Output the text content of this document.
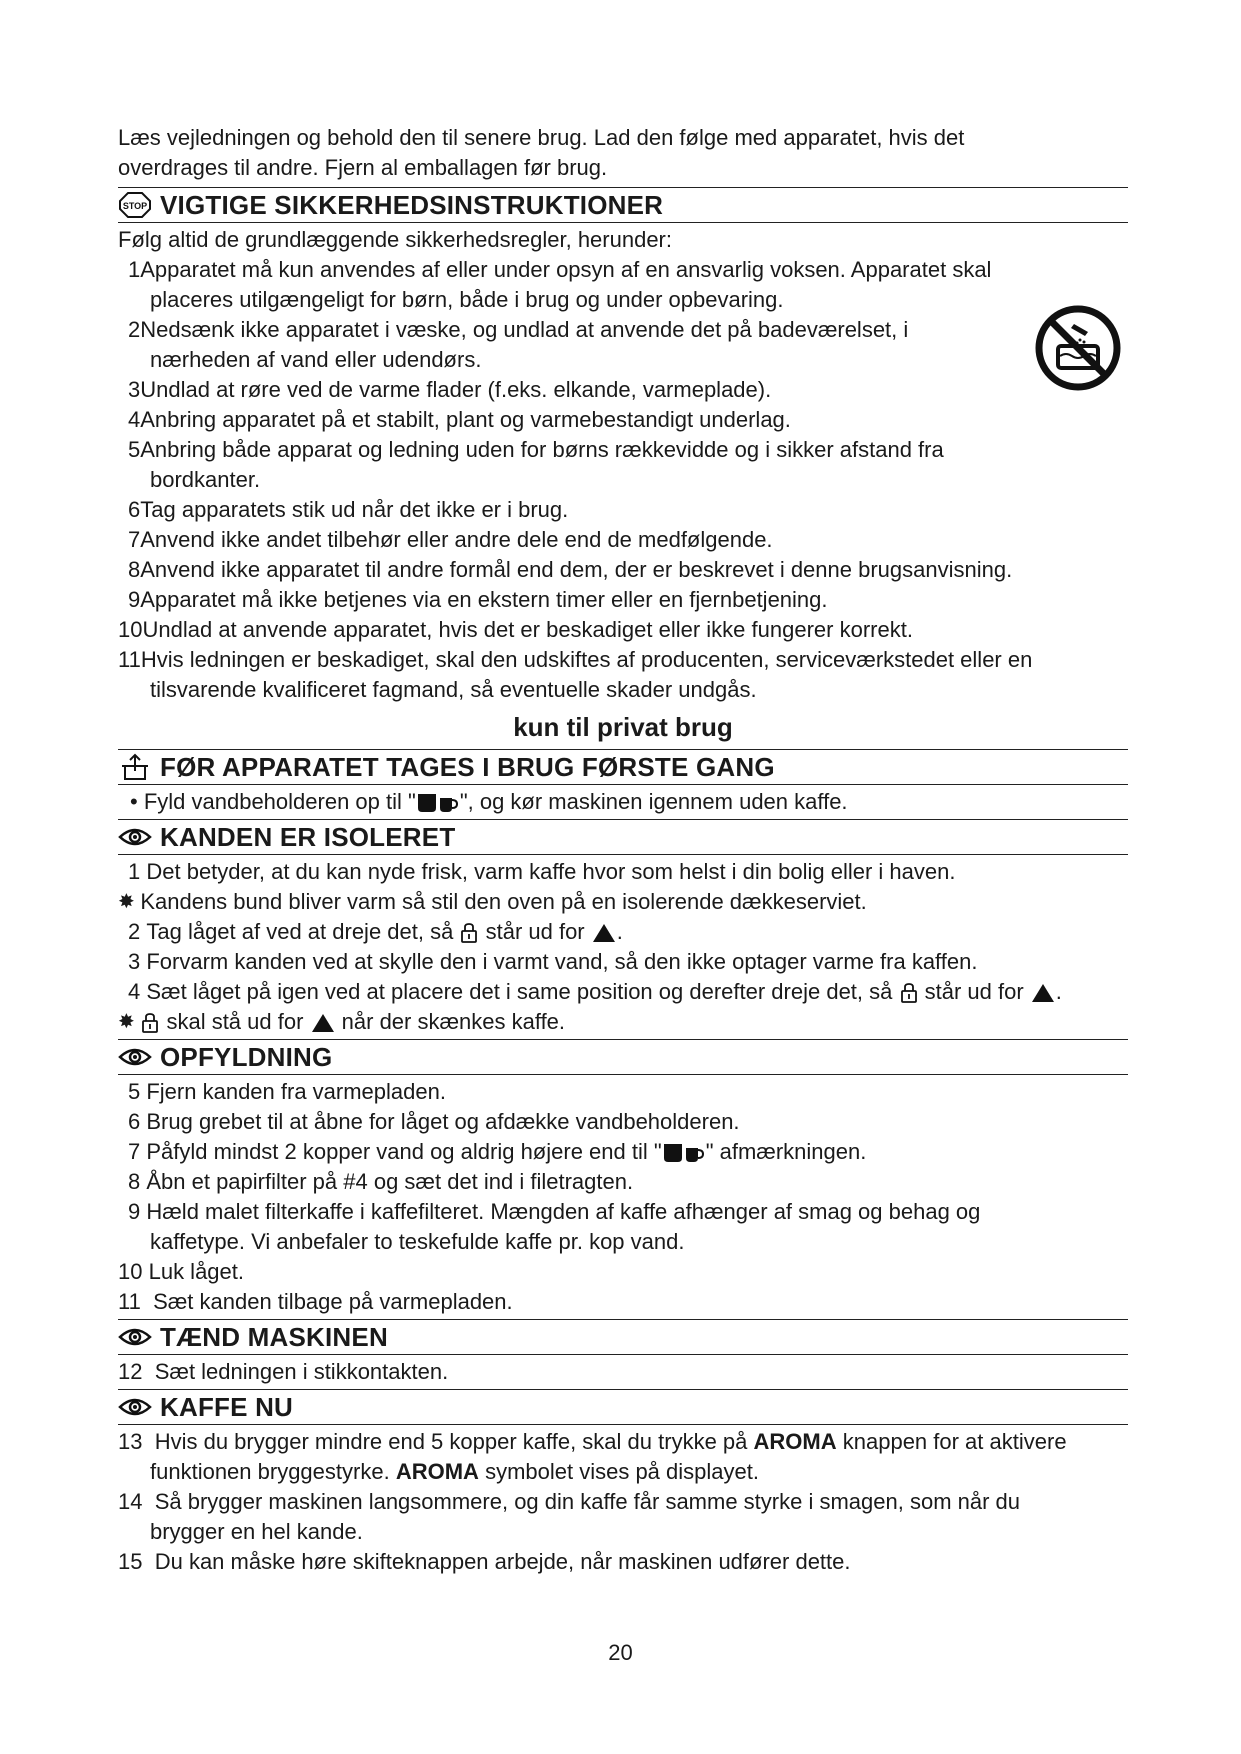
Læs vejledningen og behold den til senere brug. Lad den følge med apparatet, hvis det

overdrages til andre. Fjern al emballagen før brug.

STOP VIGTIGE SIKKERHEDSINSTRUKTIONER

Følg altid de grundlæggende sikkerhedsregler, herunder:

1 Apparatet må kun anvendes af eller under opsyn af en ansvarlig voksen. Apparatet skal
placeres utilgængeligt for børn, både i brug og under opbevaring.
2 Nedsænk ikke apparatet i væske, og undlad at anvende det på badeværelset, i
nærheden af vand eller udendørs.
3 Undlad at røre ved de varme flader (f.eks. elkande, varmeplade).
4 Anbring apparatet på et stabilt, plant og varmebestandigt underlag.
5 Anbring både apparat og ledning uden for børns rækkevidde og i sikker afstand fra
bordkanter.
6 Tag apparatets stik ud når det ikke er i brug.
7 Anvend ikke andet tilbehør eller andre dele end de medfølgende.
8 Anvend ikke apparatet til andre formål end dem, der er beskrevet i denne brugsanvisning.
9 Apparatet må ikke betjenes via en ekstern timer eller en fjernbetjening.
10 Undlad at anvende apparatet, hvis det er beskadiget eller ikke fungerer korrekt.
11 Hvis ledningen er beskadiget, skal den udskiftes af producenten, serviceværkstedet eller en
tilsvarende kvalificeret fagmand, så eventuelle skader undgås.

kun til privat brug

FØR APPARATET TAGES I BRUG FØRSTE GANG
• Fyld vandbeholderen op til " ", og kør maskinen igennem uden kaffe.
KANDEN ER ISOLERET
1 Det betyder, at du kan nyde frisk, varm kaffe hvor som helst i din bolig eller i haven.
✸ Kandens bund bliver varm så stil den oven på en isolerende dækkeserviet.
2 Tag låget af ved at dreje det, så står ud for .
3 Forvarm kanden ved at skylle den i varmt vand, så den ikke optager varme fra kaffen.
4 Sæt låget på igen ved at placere det i same position og derefter dreje det, så står ud for .
✸	skal stå ud for når der skænkes kaffe.
OPFYLDNING
5 Fjern kanden fra varmepladen.
6 Brug grebet til at åbne for låget og afdække vandbeholderen.
7 Påfyld mindst 2 kopper vand og aldrig højere end til " " afmærkningen.
8 Åbn et papirfilter på #4 og sæt det ind i filetragten.
9 Hæld malet filterkaffe i kaffefilteret. Mængden af kaffe afhænger af smag og behag og
kaffetype. Vi anbefaler to teskefulde kaffe pr. kop vand.
10 Luk låget.
11 Sæt kanden tilbage på varmepladen.
TÆND MASKINEN
12 Sæt ledningen i stikkontakten.
KAFFE NU
13 Hvis du brygger mindre end 5 kopper kaffe, skal du trykke på AROMA knappen for at aktivere
funktionen bryggestyrke. AROMA symbolet vises på displayet.
14 Så brygger maskinen langsommere, og din kaffe får samme styrke i smagen, som når du
brygger en hel kande.
15 Du kan måske høre skifteknappen arbejde, når maskinen udfører dette.
20
